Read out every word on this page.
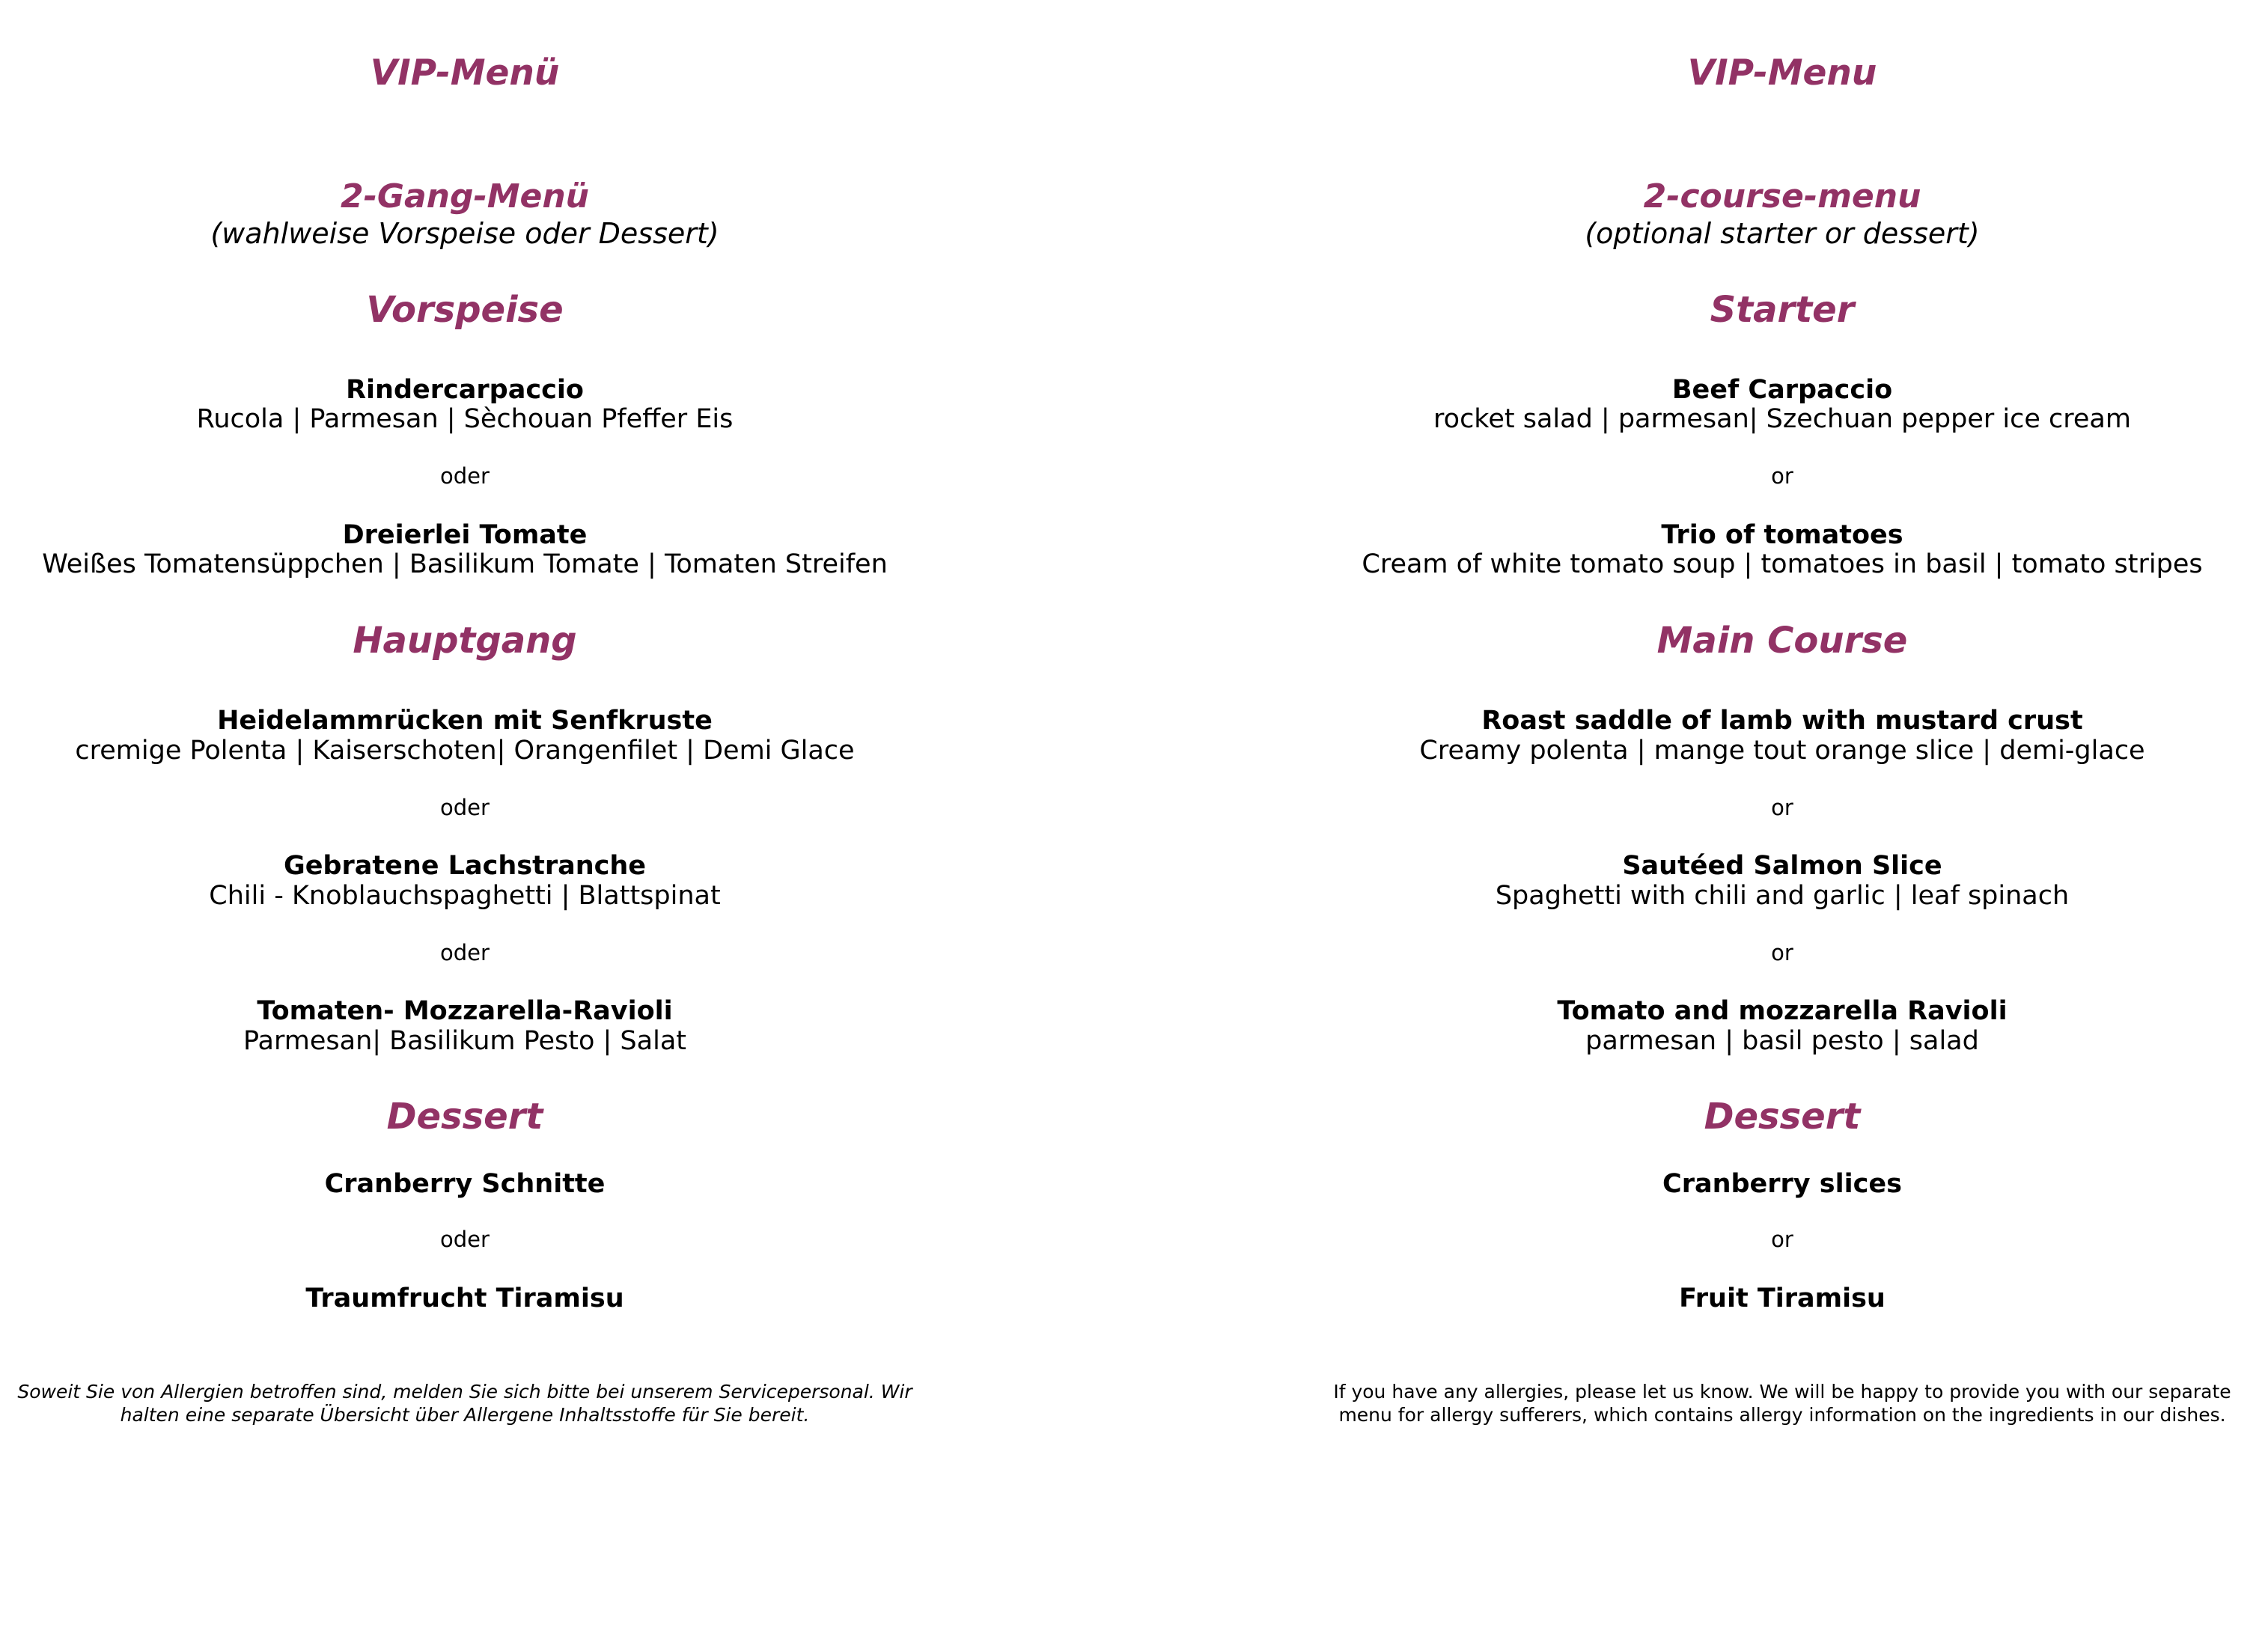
VIP-Menü
2-Gang-Menü
(wahlweise Vorspeise oder Dessert)
Vorspeise
Rindercarpaccio
Rucola | Parmesan | Sèchouan Pfeffer Eis
oder
Dreierlei Tomate
Weißes Tomatensüppchen | Basilikum Tomate | Tomaten Streifen
Hauptgang
Heidelammrücken mit Senfkruste
cremige Polenta | Kaiserschoten| Orangenfilet | Demi Glace
oder
Gebratene Lachstranche
Chili - Knoblauchspaghetti | Blattspinat
oder
Tomaten- Mozzarella-Ravioli
Parmesan| Basilikum Pesto | Salat
Dessert
Cranberry Schnitte
oder
Traumfrucht Tiramisu
Soweit Sie von Allergien betroffen sind, melden Sie sich bitte bei unserem Servicepersonal. Wir halten eine separate Übersicht über Allergene Inhaltsstoffe für Sie bereit.
VIP-Menu
2-course-menu
(optional starter or dessert)
Starter
Beef Carpaccio
rocket salad | parmesan| Szechuan pepper ice cream
or
Trio of tomatoes
Cream of white tomato soup | tomatoes in basil | tomato stripes
Main Course
Roast saddle of lamb with mustard crust
Creamy polenta | mange tout orange slice | demi-glace
or
Sautéed Salmon Slice
Spaghetti with chili and garlic | leaf spinach
or
Tomato and mozzarella Ravioli
parmesan | basil pesto | salad
Dessert
Cranberry slices
or
Fruit Tiramisu
If you have any allergies, please let us know. We will be happy to provide you with our separate menu for allergy sufferers, which contains allergy information on the ingredients in our dishes.
